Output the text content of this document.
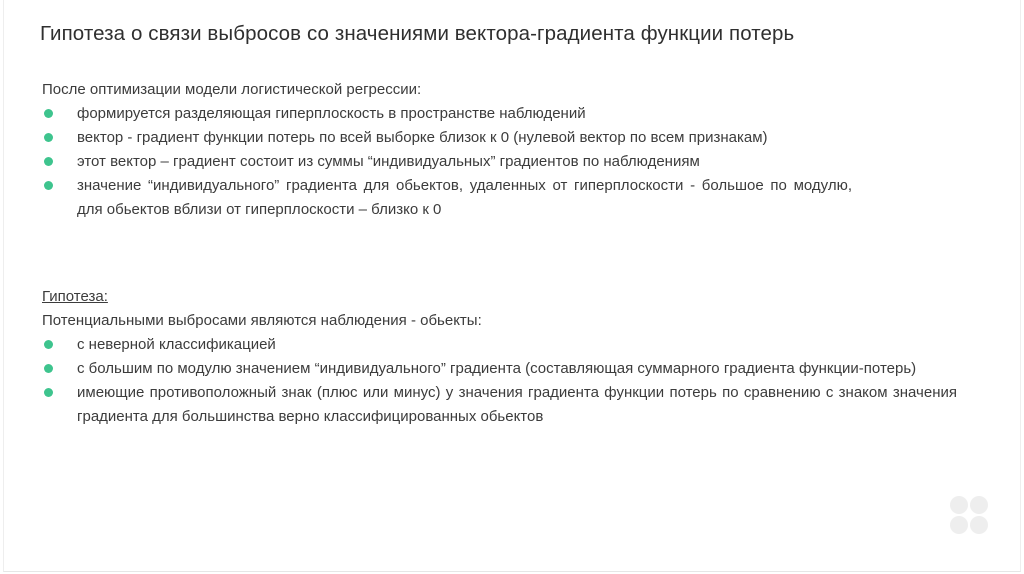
Гипотеза о связи выбросов со значениями вектора-градиента функции потерь

После оптимизации модели логистической регрессии:

формируется разделяющая гиперплоскость в пространстве наблюдений
вектор - градиент функции потерь по всей выборке близок к 0 (нулевой вектор по всем признакам)
этот вектор – градиент состоит из суммы “индивидуальных” градиентов по наблюдениям
значение “индивидуального” градиента для обьектов, удаленных от гиперплоскости - большое по модулю, для обьектов вблизи от гиперплоскости – близко к 0

Гипотеза:

Потенциальными выбросами являются наблюдения - обьекты:

с неверной классификацией
с большим по модулю значением “индивидуального” градиента (составляющая суммарного градиента функции-потерь)
имеющие противоположный знак (плюс или минус) у значения градиента функции потерь по сравнению с знаком значения градиента для большинства верно классифицированных обьектов
